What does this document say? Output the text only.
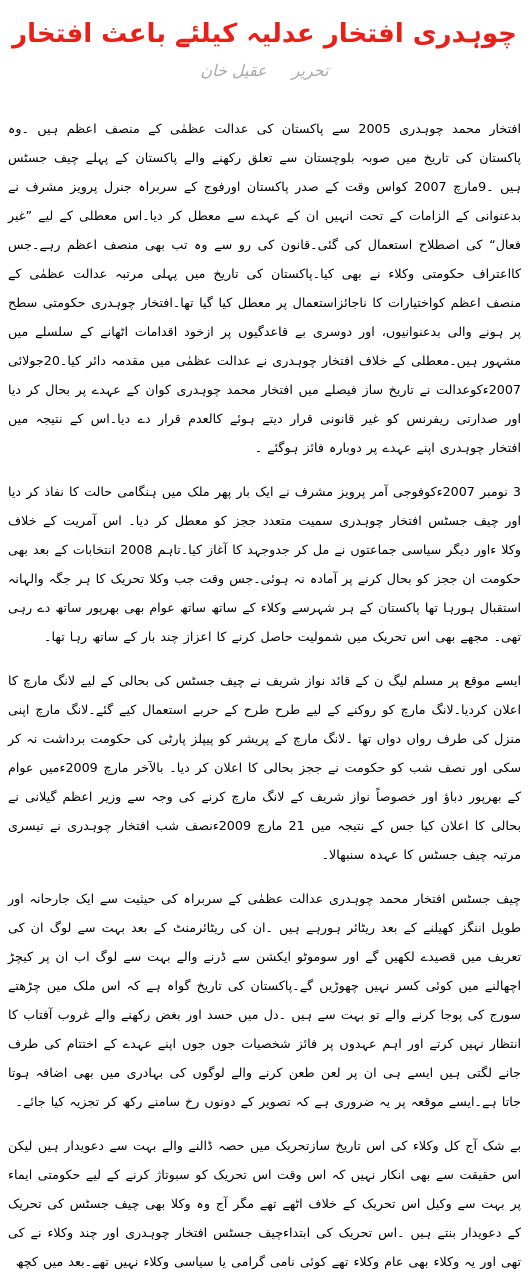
چوہدری افتخار عدلیہ کیلئے باعث افتخار
تحریر عقیل خان

افتخار محمد چوہدری 2005 سے پاکستان کی عدالت عظمٰی کے منصف اعظم ہیں ۔وہ پاکستان کی تاریخ میں صوبہ بلوچستان سے تعلق رکھنے والے پاکستان کے پہلے چیف جسٹس ہیں ۔9مارچ 2007 کواس وقت کے صدر پاکستان اورفوج کے سربراہ جنرل پرویز مشرف نے بدعنوانی کے الزامات کے تحت انہیں ان کے عہدے سے معطل کر دیا۔اس معطلی کے لیے ”غیر فعال“ کی اصطلاح استعمال کی گئی۔قانون کی رو سے وہ تب بھی منصف اعظم رہے۔جس کااعتراف حکومتی وکلاء نے بھی کیا۔پاکستان کی تاریخ میں پہلی مرتبہ عدالت عظمٰی کے منصف اعظم کواختیارات کا ناجائزاستعمال پر معطل کیا گیا تھا۔افتخار چوہدری حکومتی سطح پر ہونے والی بدعنوانیوں، اور دوسری بے قاعدگیوں پر ازخود اقدامات اٹھانے کے سلسلے میں مشہور ہیں۔معطلی کے خلاف افتخار چوہدری نے عدالت عظمٰی میں مقدمہ دائر کیا۔20جولائی 2007ءکوعدالت نے تاریخ ساز فیصلے میں افتخار محمد چوہدری کوان کے عہدے پر بحال کر دیا اور صدارتی ریفرنس کو غیر قانونی قرار دیتے ہوئے کالعدم قرار دے دیا۔اس کے نتیجہ میں افتخار چوہدری اپنے عہدے پر دوبارہ فائز ہوگئے ۔

3 نومبر 2007ءکوفوجی آمر پرویز مشرف نے ایک بار پھر ملک میں ہنگامی حالت کا نفاذ کر دیا اور چیف جسٹس افتخار چوہدری سمیت متعدد ججز کو معطل کر دیا۔ اس آمریت کے خلاف وکلا ءاور دیگر سیاسی جماعتوں نے مل کر جدوجہد کا آغاز کیا۔تاہم 2008 انتخابات کے بعد بھی حکومت ان ججز کو بحال کرنے پر آمادہ نہ ہوئی۔جس وقت جب وکلا تحریک کا ہر جگہ والہانہ استقبال ہورہا تھا پاکستان کے ہر شہرسے وکلاء کے ساتھ ساتھ عوام بھی بھرپور ساتھ دے رہی تھی۔ مجھے بھی اس تحریک میں شمولیت حاصل کرنے کا اعزاز چند بار کے ساتھ رہا تھا۔

ایسے موقع پر مسلم لیگ ن کے قائد نواز شریف نے چیف جسٹس کی بحالی کے لیے لانگ مارچ کا اعلان کردیا۔لانگ مارچ کو روکنے کے لیے طرح طرح کے حربے استعمال کیے گئے۔لانگ مارچ اپنی منزل کی طرف رواں دواں تھا ۔لانگ مارچ کے پریشر کو پیپلز پارٹی کی حکومت برداشت نہ کر سکی اور نصف شب کو حکومت نے ججز بحالی کا اعلان کر دیا۔ بالآخر مارچ 2009ءمیں عوام کے بھرپور دباؤ اور خصوصاً نواز شریف کے لانگ مارچ کرنے کی وجہ سے وزیر اعظم گیلانی نے بحالی کا اعلان کیا جس کے نتیجہ میں 21 مارچ 2009ءنصف شب افتخار چوہدری نے تیسری مرتبہ چیف جسٹس کا عہدہ سنبھالا۔

چیف جسٹس افتخار محمد چوہدری عدالت عظمٰی کے سربراہ کی حیثیت سے ایک جارحانہ اور طویل اننگز کھیلنے کے بعد ریٹائر ہورہے ہیں ۔ان کی ریٹائرمنٹ کے بعد بہت سے لوگ ان کی تعریف میں قصیدے لکھیں گے اور سوموٹو ایکشن سے ڈرنے والے بہت سے لوگ اب ان پر کیچڑ اچھالنے میں کوئی کسر نہیں چھوڑیں گے۔پاکستان کی تاریخ گواہ ہے کہ اس ملک میں چڑھتے سورج کی پوجا کرنے والے تو بہت سے ہیں ۔دل میں حسد اور بغض رکھنے والے غروب آفتاب کا انتظار نہیں کرتے اور اہم عہدوں پر فائز شخصیات جوں جوں اپنے عہدے کے اختتام کی طرف جانے لگتی ہیں ایسے ہی ان پر لعن طعن کرنے والے لوگوں کی بہادری میں بھی اضافہ ہوتا جاتا ہے۔ایسے موقعہ پر یہ ضروری ہے کہ تصویر کے دونوں رخ سامنے رکھ کر تجزیہ کیا جائے۔

بے شک آج کل وکلاء کی اس تاریخ سازتحریک میں حصہ ڈالنے والے بہت سے دعویدار ہیں لیکن اس حقیقت سے بھی انکار نہیں کہ اس وقت اس تحریک کو سبوتاژ کرنے کے لیے حکومتی ایماء پر بہت سے وکیل اس تحریک کے خلاف اٹھے تھے مگر آج وہ وکلا بھی چیف جسٹس کی تحریک کے دعویدار بنتے ہیں ۔اس تحریک کی ابتداءچیف جسٹس افتخار چوہدری اور چند وکلاء نے کی تھی اور یہ وکلاء بھی عام وکلاء تھے کوئی نامی گرامی یا سیاسی وکلاء نہیں تھے۔بعد میں کچھ
